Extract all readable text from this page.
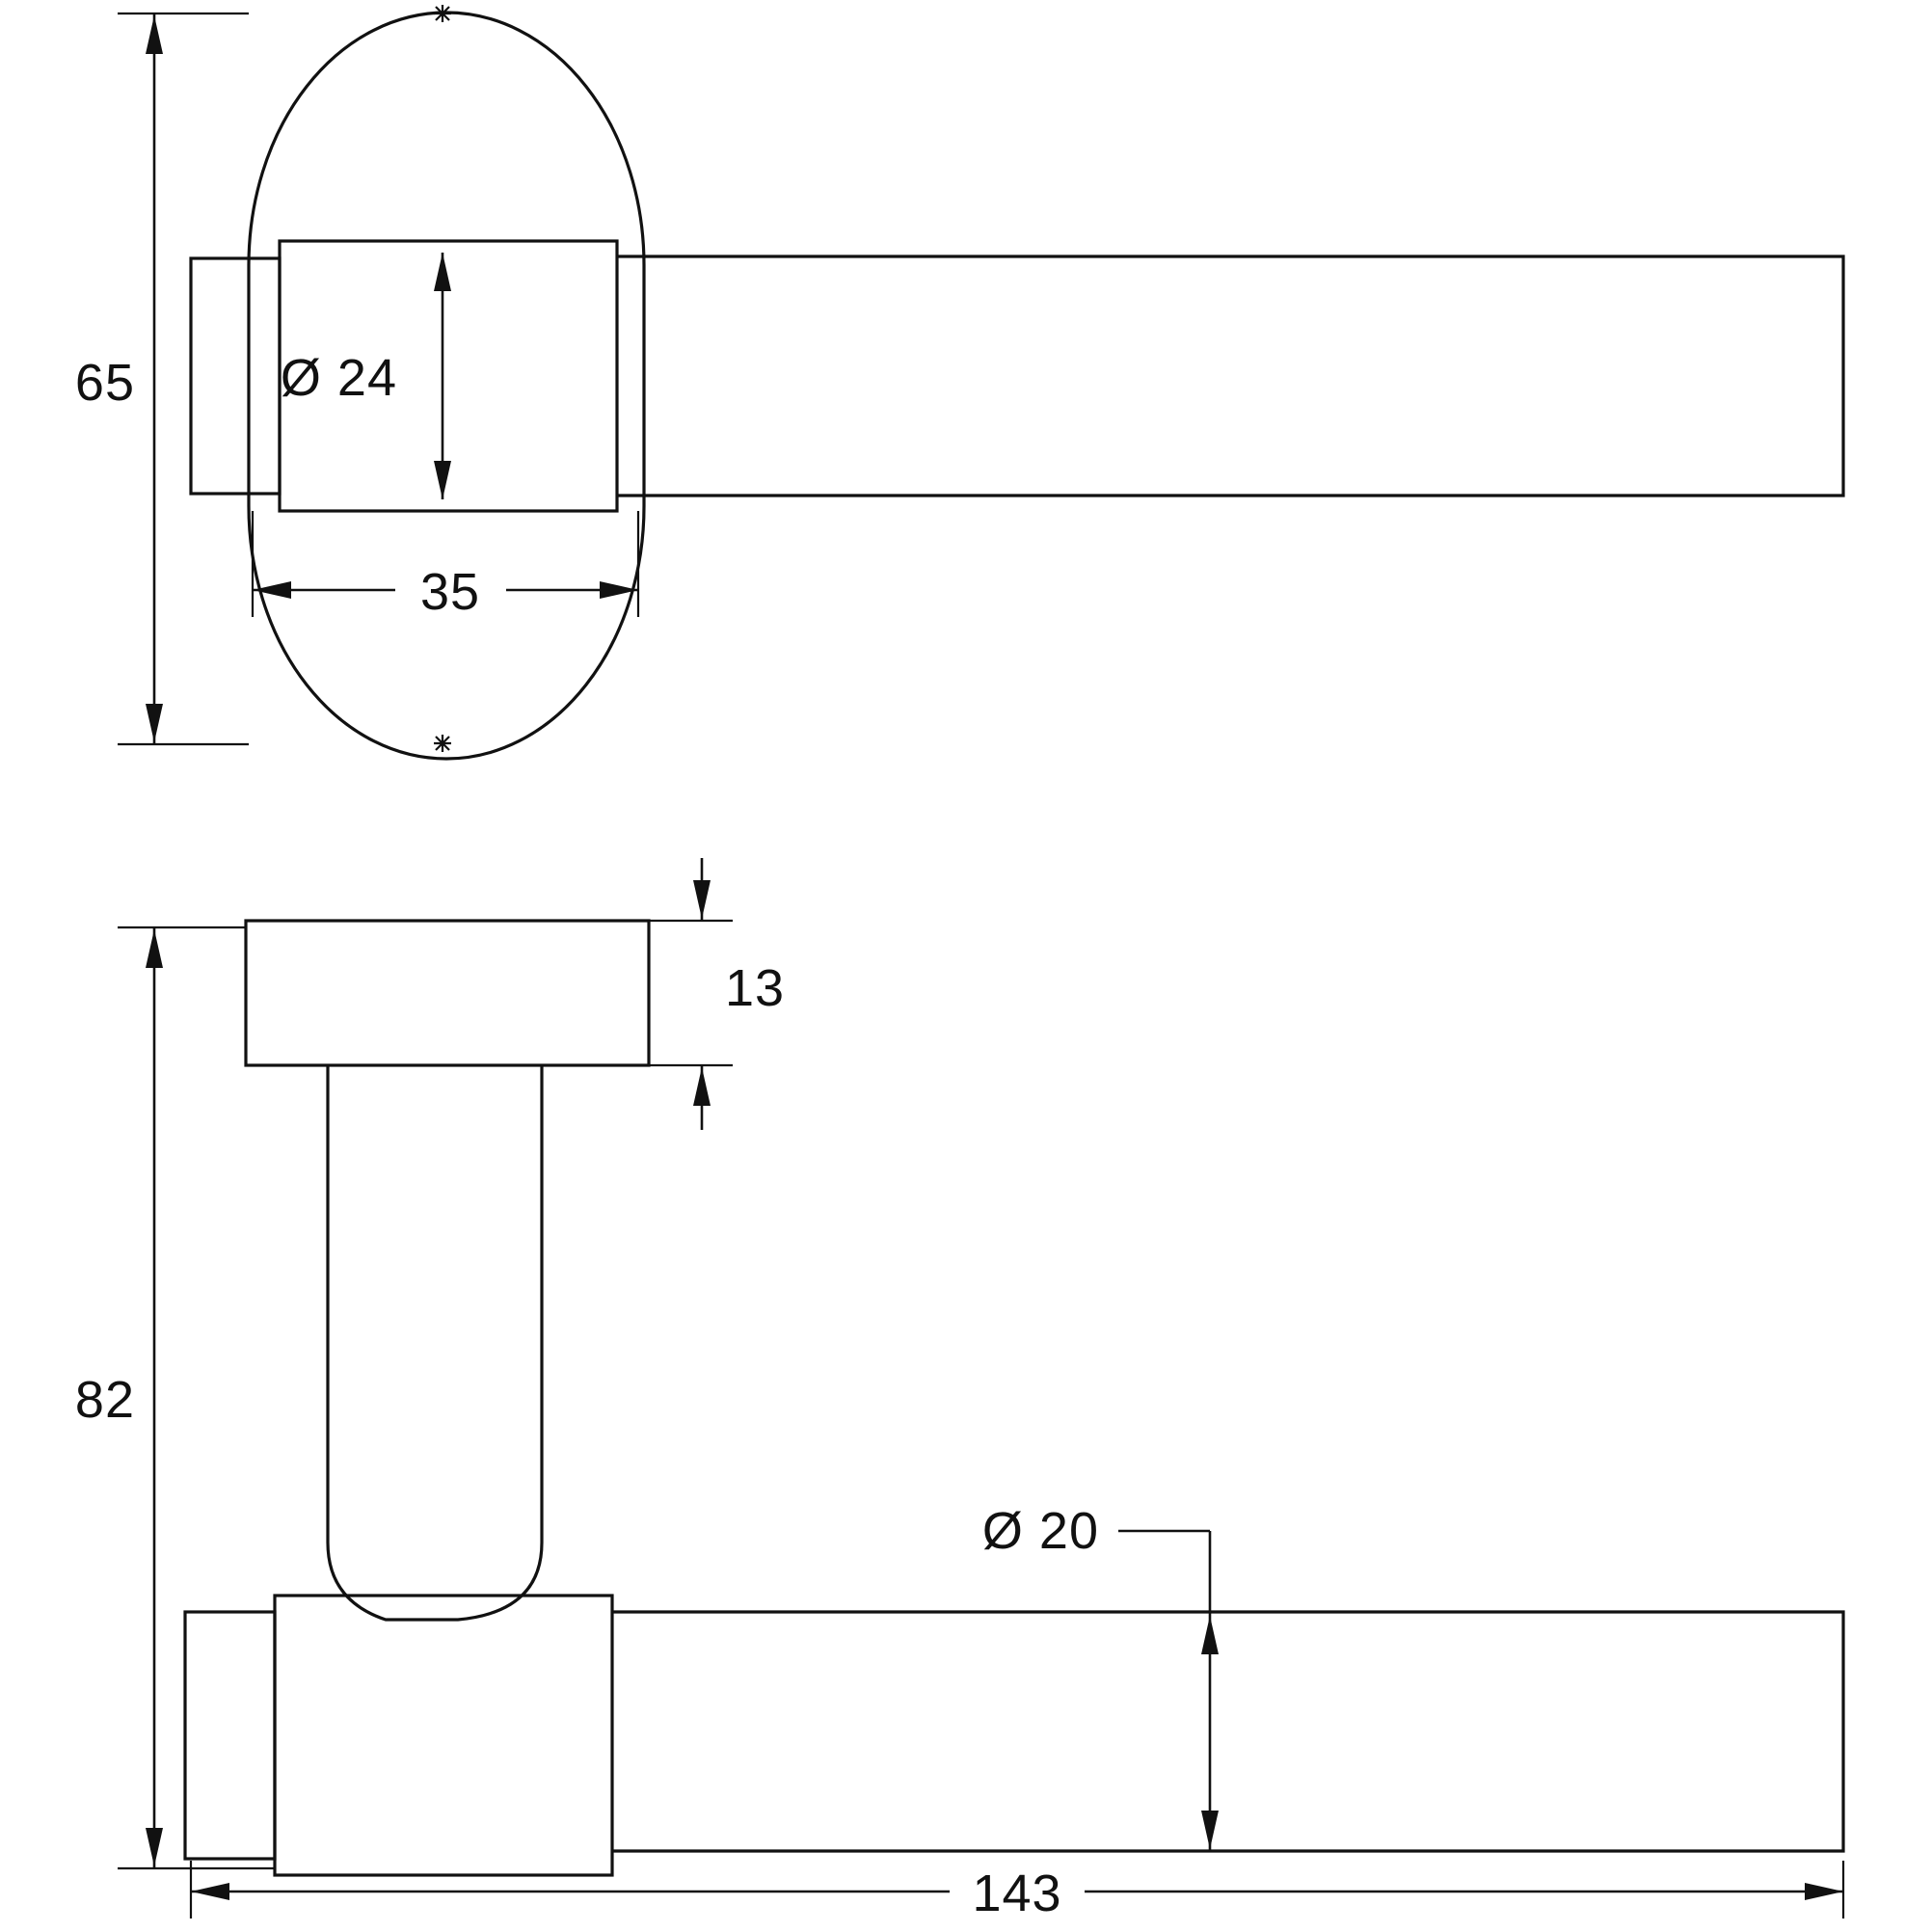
65	Ø 24
35
13
82
Ø 20
143
